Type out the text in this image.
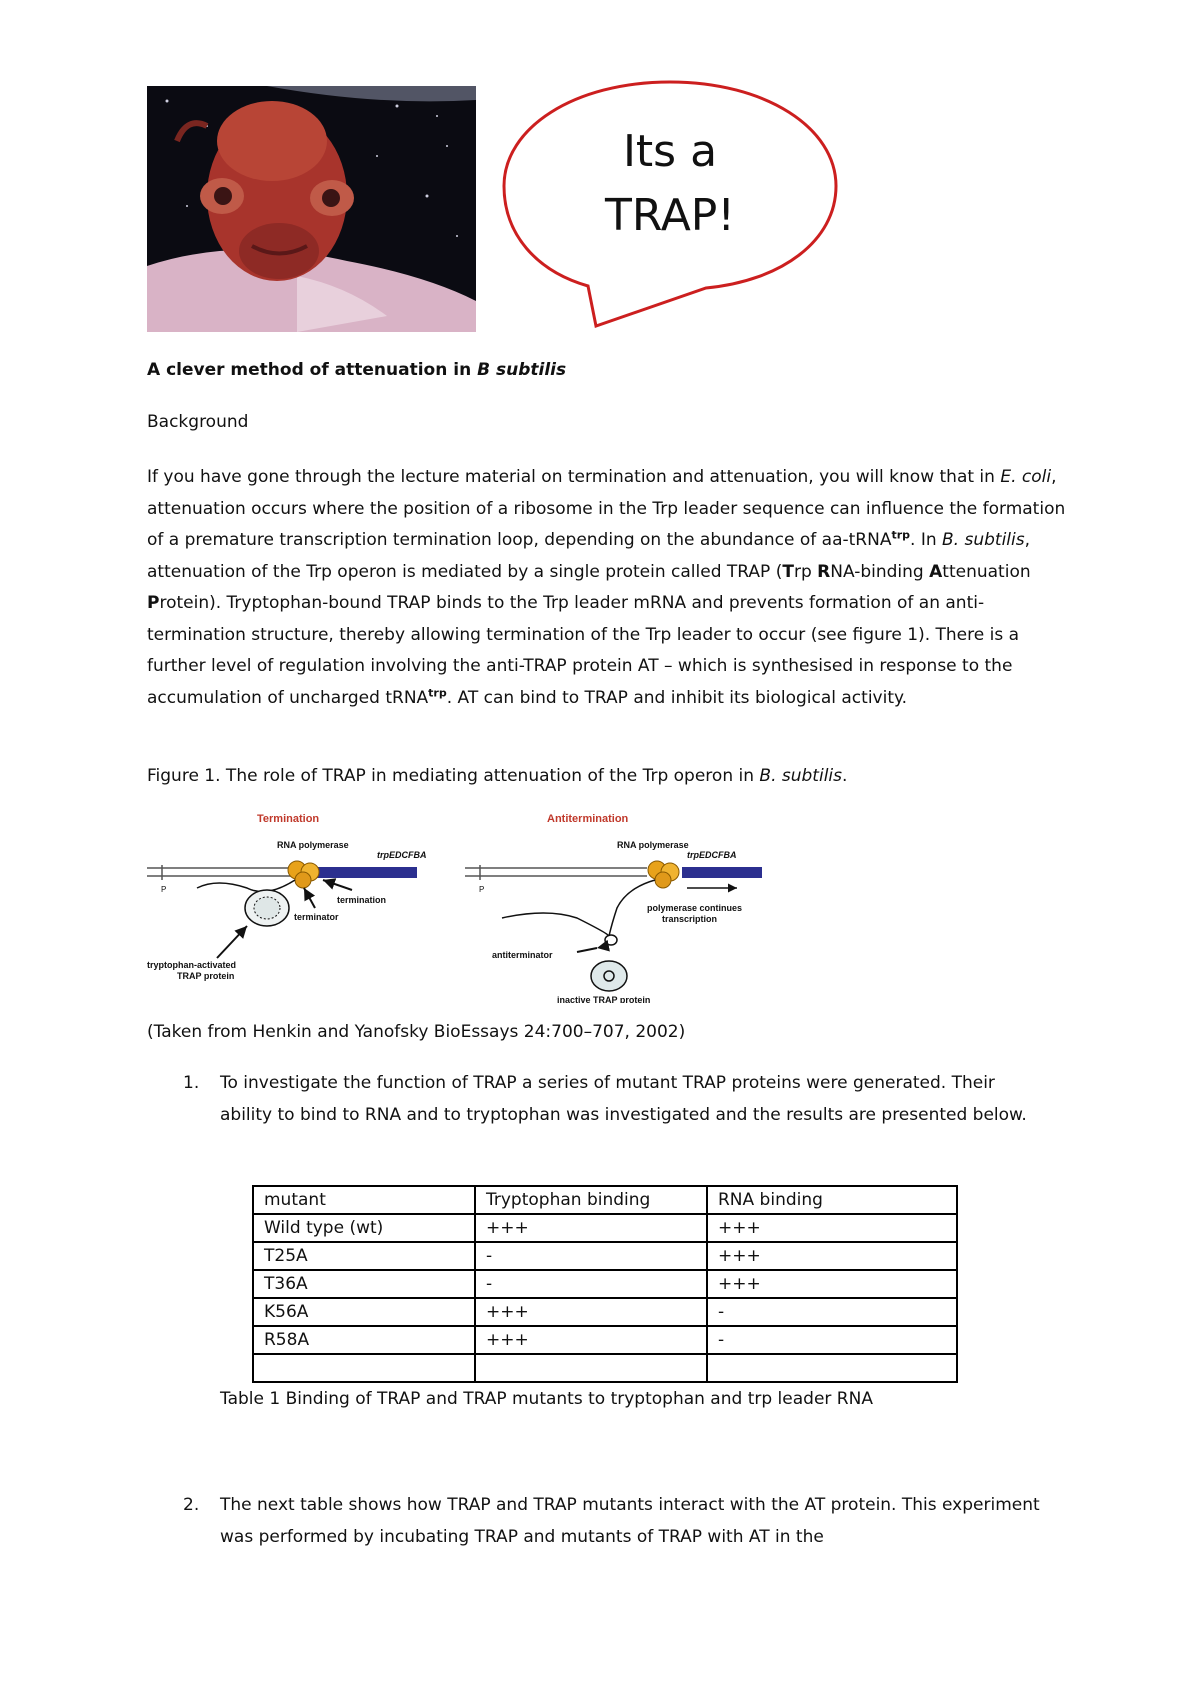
Its a
TRAP!
A clever method of attenuation in B subtilis
Background
If you have gone through the lecture material on termination and attenuation, you will know that in E. coli, attenuation occurs where the position of a ribosome in the Trp leader sequence can influence the formation of a premature transcription termination loop, depending on the abundance of aa-tRNA$^{trp}$. In B. subtilis, attenuation of the Trp operon is mediated by a single protein called TRAP (Trp RNA-binding Attenuation Protein). Tryptophan-bound TRAP binds to the Trp leader mRNA and prevents formation of an anti-termination structure, thereby allowing termination of the Trp leader to occur (see figure 1). There is a further level of regulation involving the anti-TRAP protein AT – which is synthesised in response to the accumulation of uncharged tRNA$^{trp}$. AT can bind to TRAP and inhibit its biological activity.
Figure 1. The role of TRAP in mediating attenuation of the Trp operon in B. subtilis.
Termination
RNA polymerase
trpEDCFBA
P
termination
terminator
tryptophan-activated
TRAP protein
Antitermination
RNA polymerase
trpEDCFBA
P
antiterminator
polymerase continues
transcription
inactive TRAP protein
(Taken from Henkin and Yanofsky BioEssays 24:700–707, 2002)
1. To investigate the function of TRAP a series of mutant TRAP proteins were generated. Their ability to bind to RNA and to tryptophan was investigated and the results are presented below.
mutant	Tryptophan binding	RNA binding
Wild type (wt)	+++	+++
T25A	-	+++
T36A	-	+++
K56A	+++	-
R58A	+++	-

Table 1 Binding of TRAP and TRAP mutants to tryptophan and trp leader RNA
2. The next table shows how TRAP and TRAP mutants interact with the AT protein. This experiment was performed by incubating TRAP and mutants of TRAP with AT in the
